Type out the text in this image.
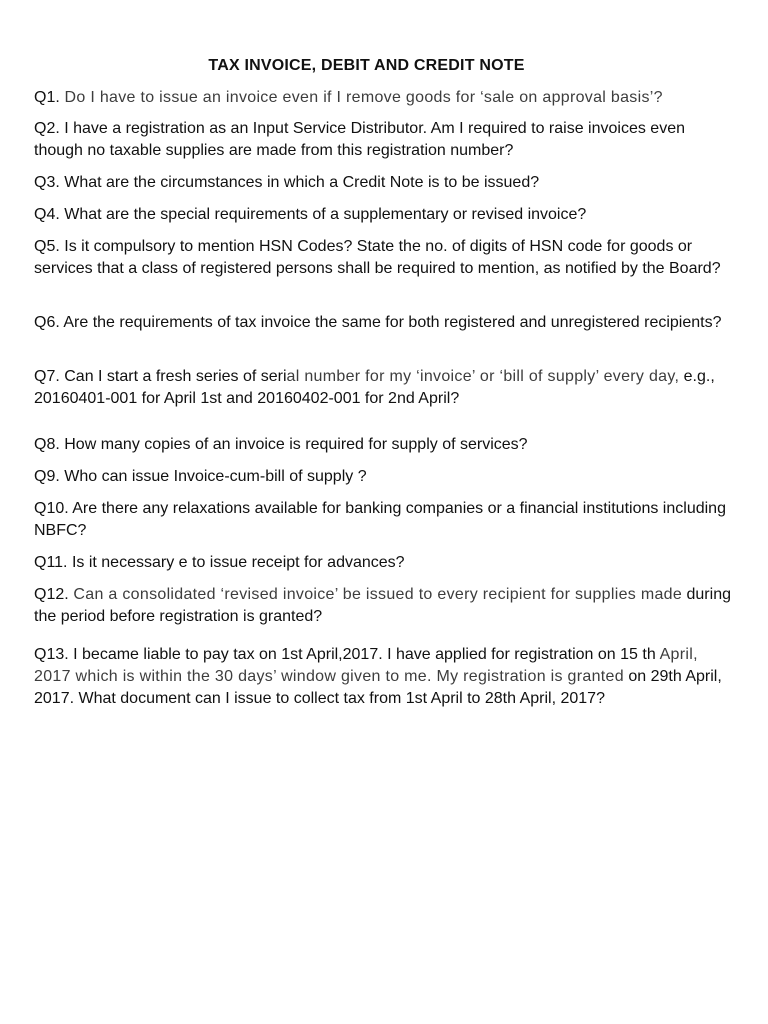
TAX INVOICE, DEBIT AND CREDIT NOTE
Q1. Do I have to issue an invoice even if I remove goods for ‘sale on approval basis’?
Q2. I have a registration as an Input Service Distributor. Am I required to raise invoices even though no taxable supplies are made from this registration number?
Q3. What are the circumstances in which a Credit Note is to be issued?
Q4. What are the special requirements of a supplementary or revised invoice?
Q5. Is it compulsory to mention HSN Codes? State the no. of digits of HSN code for goods or services that a class of registered persons shall be required to mention, as notified by the Board?
Q6. Are the requirements of tax invoice the same for both registered and unregistered recipients?
Q7. Can I start a fresh series of serial number for my ‘invoice’ or ‘bill of supply’ every day, e.g., 20160401-001 for April 1st and 20160402-001 for 2nd April?
Q8. How many copies of an invoice is required for supply of services?
Q9. Who can issue Invoice-cum-bill of supply ?
Q10. Are there any relaxations available for banking companies or a financial institutions including NBFC?
Q11. Is it necessary e to issue receipt for advances?
Q12. Can a consolidated ‘revised invoice’ be issued to every recipient for supplies made during the period before registration is granted?
Q13. I became liable to pay tax on 1st April,2017. I have applied for registration on 15 th April, 2017 which is within the 30 days’ window given to me. My registration is granted on 29th April, 2017. What document can I issue to collect tax from 1st April to 28th April, 2017?
